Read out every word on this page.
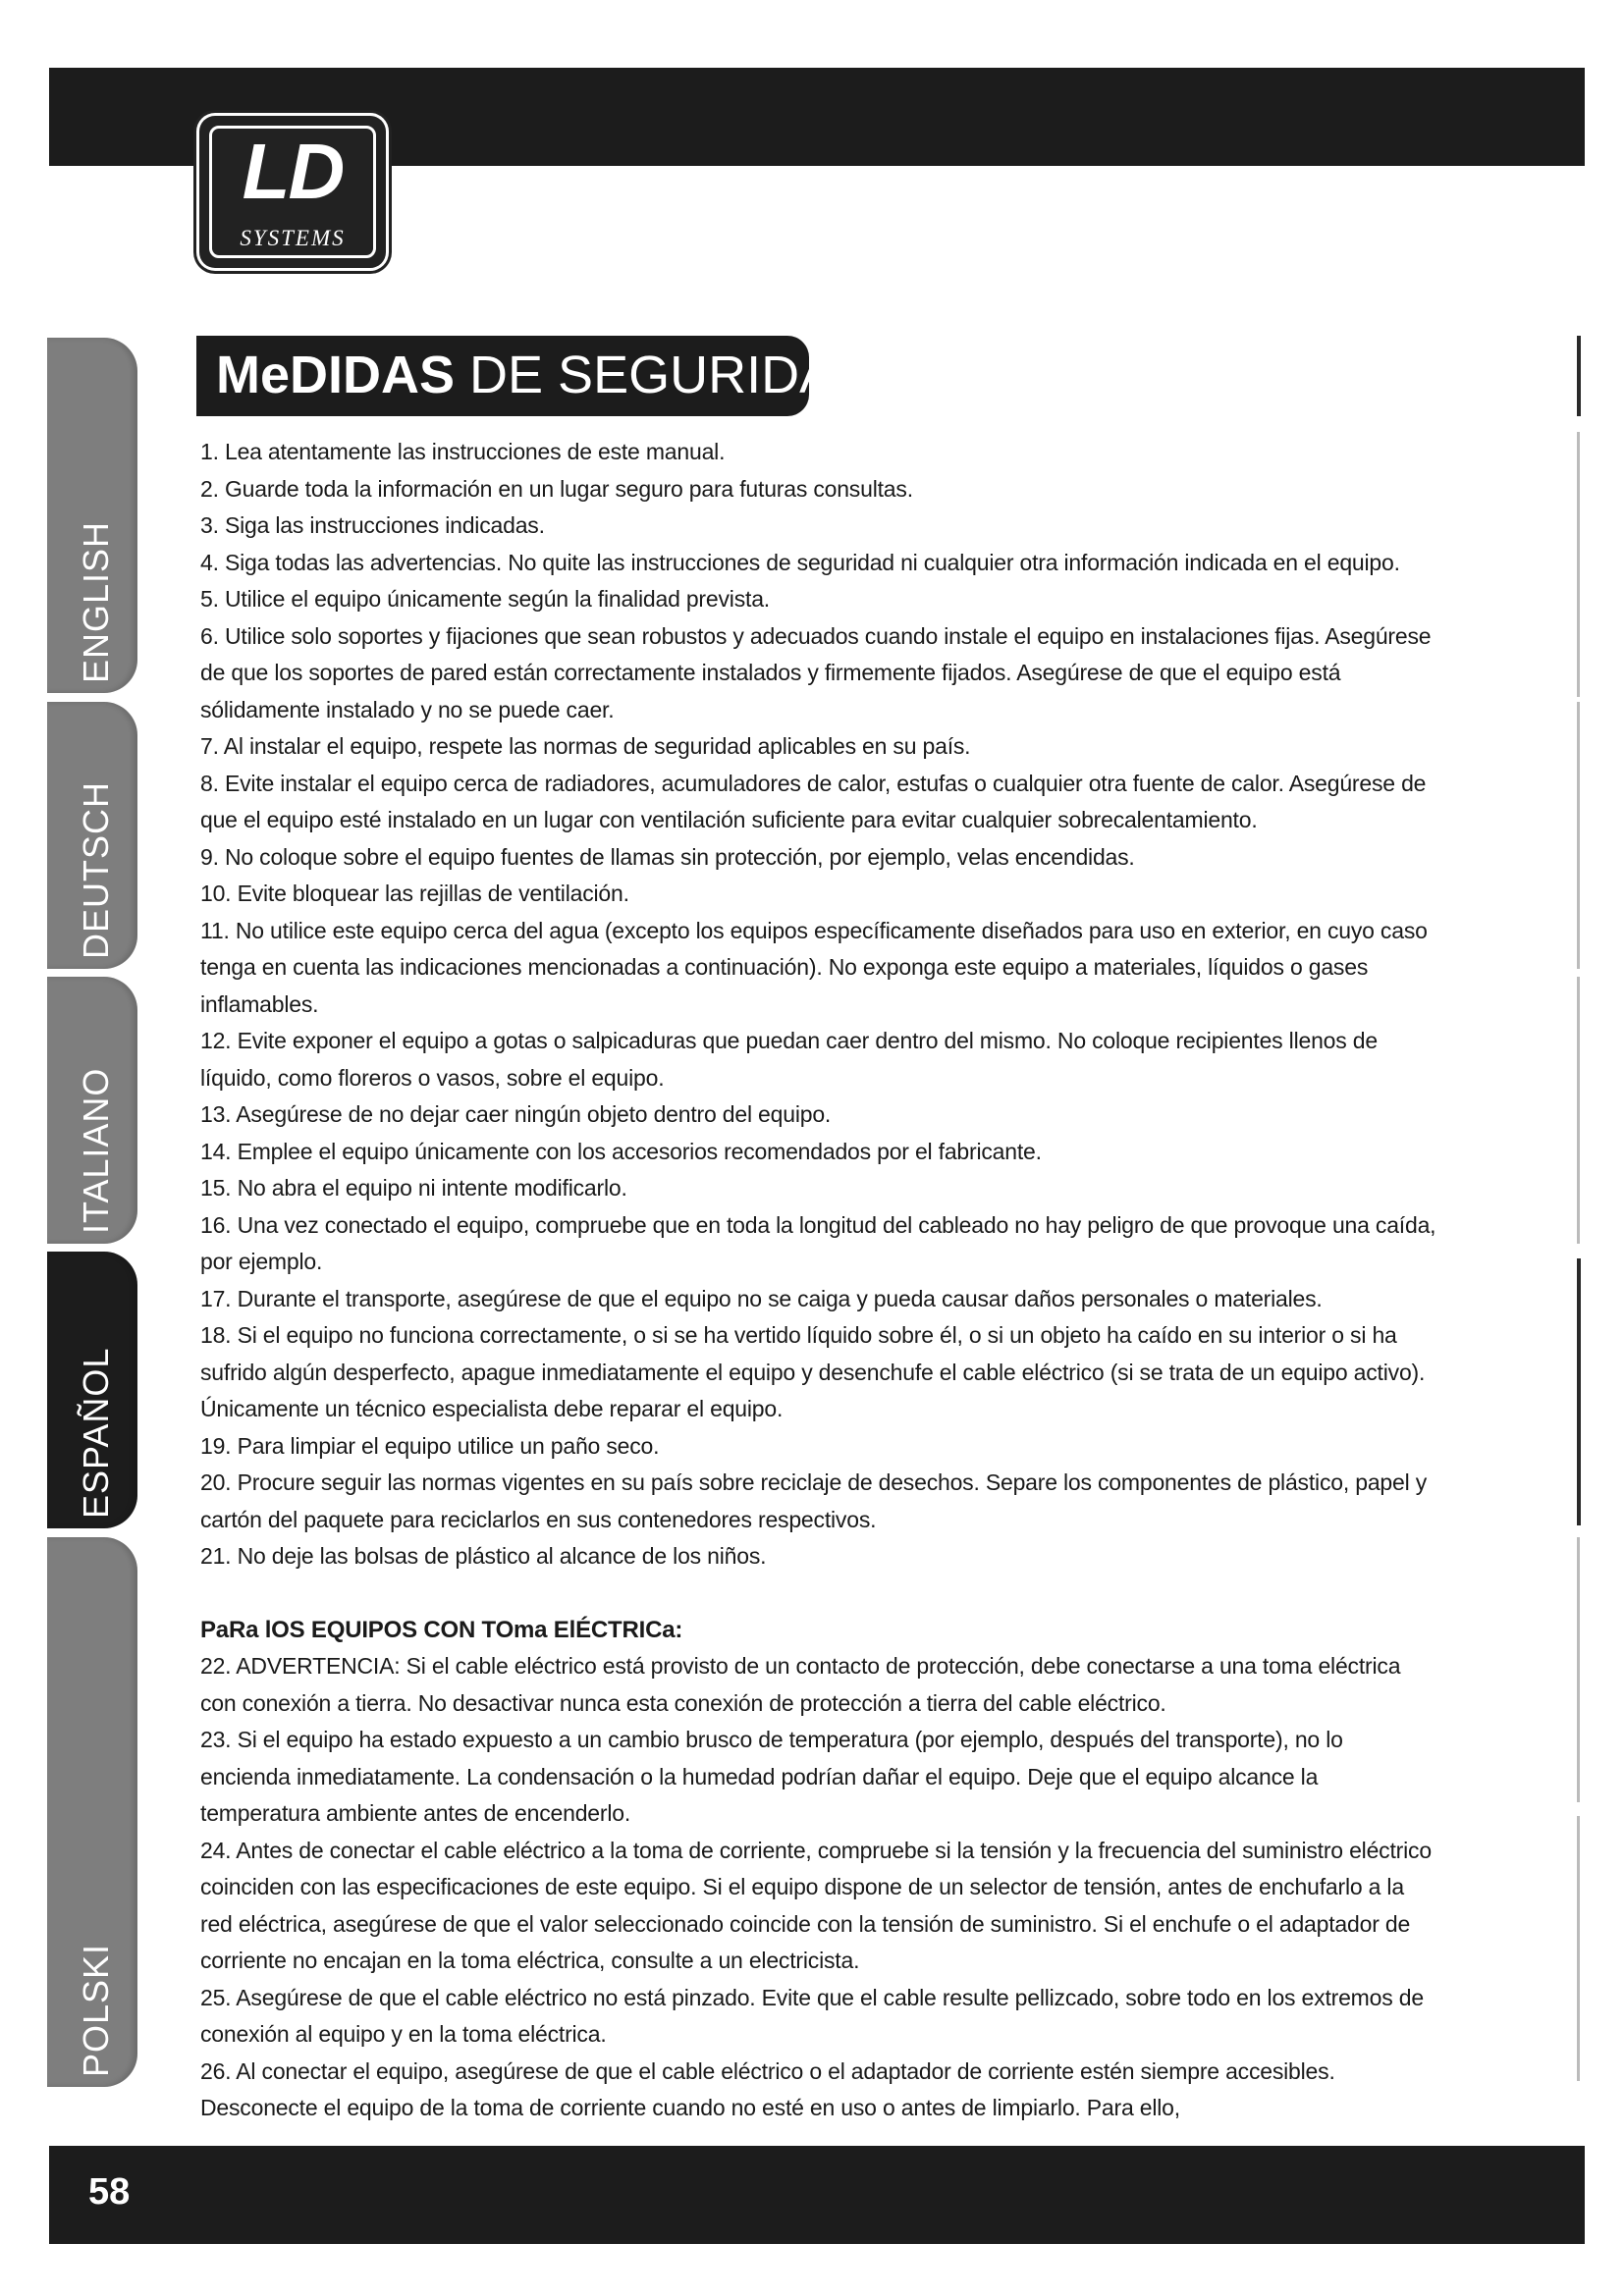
LD
SYSTEMS
ENGLISH
DEUTSCH
ESPAÑOL
POLSKI
ITALIANO
MeDIDAS DE SEGURIDAD:

1. Lea atentamente las instrucciones de este manual.

2. Guarde toda la información en un lugar seguro para futuras consultas.

3. Siga las instrucciones indicadas.

4. Siga todas las advertencias. No quite las instrucciones de seguridad ni cualquier otra información indicada en el equipo.

5. Utilice el equipo únicamente según la finalidad prevista.

6. Utilice solo soportes y fijaciones que sean robustos y adecuados cuando instale el equipo en instalaciones fijas. Asegúrese de que los soportes de pared están correctamente instalados y firmemente fijados. Asegúrese de que el equipo está sólidamente instalado y no se puede caer.

7. Al instalar el equipo, respete las normas de seguridad aplicables en su país.

8. Evite instalar el equipo cerca de radiadores, acumuladores de calor, estufas o cualquier otra fuente de calor. Asegúrese de que el equipo esté instalado en un lugar con ventilación suficiente para evitar cualquier sobrecalentamiento.

9. No coloque sobre el equipo fuentes de llamas sin protección, por ejemplo, velas encendidas.

10. Evite bloquear las rejillas de ventilación.

11. No utilice este equipo cerca del agua (excepto los equipos específicamente diseñados para uso en exterior, en cuyo caso tenga en cuenta las indicaciones mencionadas a continuación). No exponga este equipo a materiales, líquidos o gases inflamables.

12. Evite exponer el equipo a gotas o salpicaduras que puedan caer dentro del mismo. No coloque recipientes llenos de líquido, como floreros o vasos, sobre el equipo.

13. Asegúrese de no dejar caer ningún objeto dentro del equipo.

14. Emplee el equipo únicamente con los accesorios recomendados por el fabricante.

15. No abra el equipo ni intente modificarlo.

16. Una vez conectado el equipo, compruebe que en toda la longitud del cableado no hay peligro de que provoque una caída, por ejemplo.

17. Durante el transporte, asegúrese de que el equipo no se caiga y pueda causar daños personales o materiales.

18. Si el equipo no funciona correctamente, o si se ha vertido líquido sobre él, o si un objeto ha caído en su interior o si ha sufrido algún desperfecto, apague inmediatamente el equipo y desenchufe el cable eléctrico (si se trata de un equipo activo). Únicamente un técnico especialista debe reparar el equipo.

19. Para limpiar el equipo utilice un paño seco.

20. Procure seguir las normas vigentes en su país sobre reciclaje de desechos. Separe los componentes de plástico, papel y cartón del paquete para reciclarlos en sus contenedores respectivos.

21. No deje las bolsas de plástico al alcance de los niños.

PaRa lOS EQUIPOS CON TOma ElÉCTRICa:

22. ADVERTENCIA: Si el cable eléctrico está provisto de un contacto de protección, debe conectarse a una toma eléctrica con conexión a tierra. No desactivar nunca esta conexión de protección a tierra del cable eléctrico.

23. Si el equipo ha estado expuesto a un cambio brusco de temperatura (por ejemplo, después del transporte), no lo encienda inmediatamente. La condensación o la humedad podrían dañar el equipo. Deje que el equipo alcance la temperatura ambiente antes de encenderlo.

24. Antes de conectar el cable eléctrico a la toma de corriente, compruebe si la tensión y la frecuencia del suministro eléctrico coinciden con las especificaciones de este equipo. Si el equipo dispone de un selector de tensión, antes de enchufarlo a la red eléctrica, asegúrese de que el valor seleccionado coincide con la tensión de suministro. Si el enchufe o el adaptador de corriente no encajan en la toma eléctrica, consulte a un electricista.

25. Asegúrese de que el cable eléctrico no está pinzado. Evite que el cable resulte pellizcado, sobre todo en los extremos de conexión al equipo y en la toma eléctrica.

26. Al conectar el equipo, asegúrese de que el cable eléctrico o el adaptador de corriente estén siempre accesibles. Desconecte el equipo de la toma de corriente cuando no esté en uso o antes de limpiarlo. Para ello,

58
